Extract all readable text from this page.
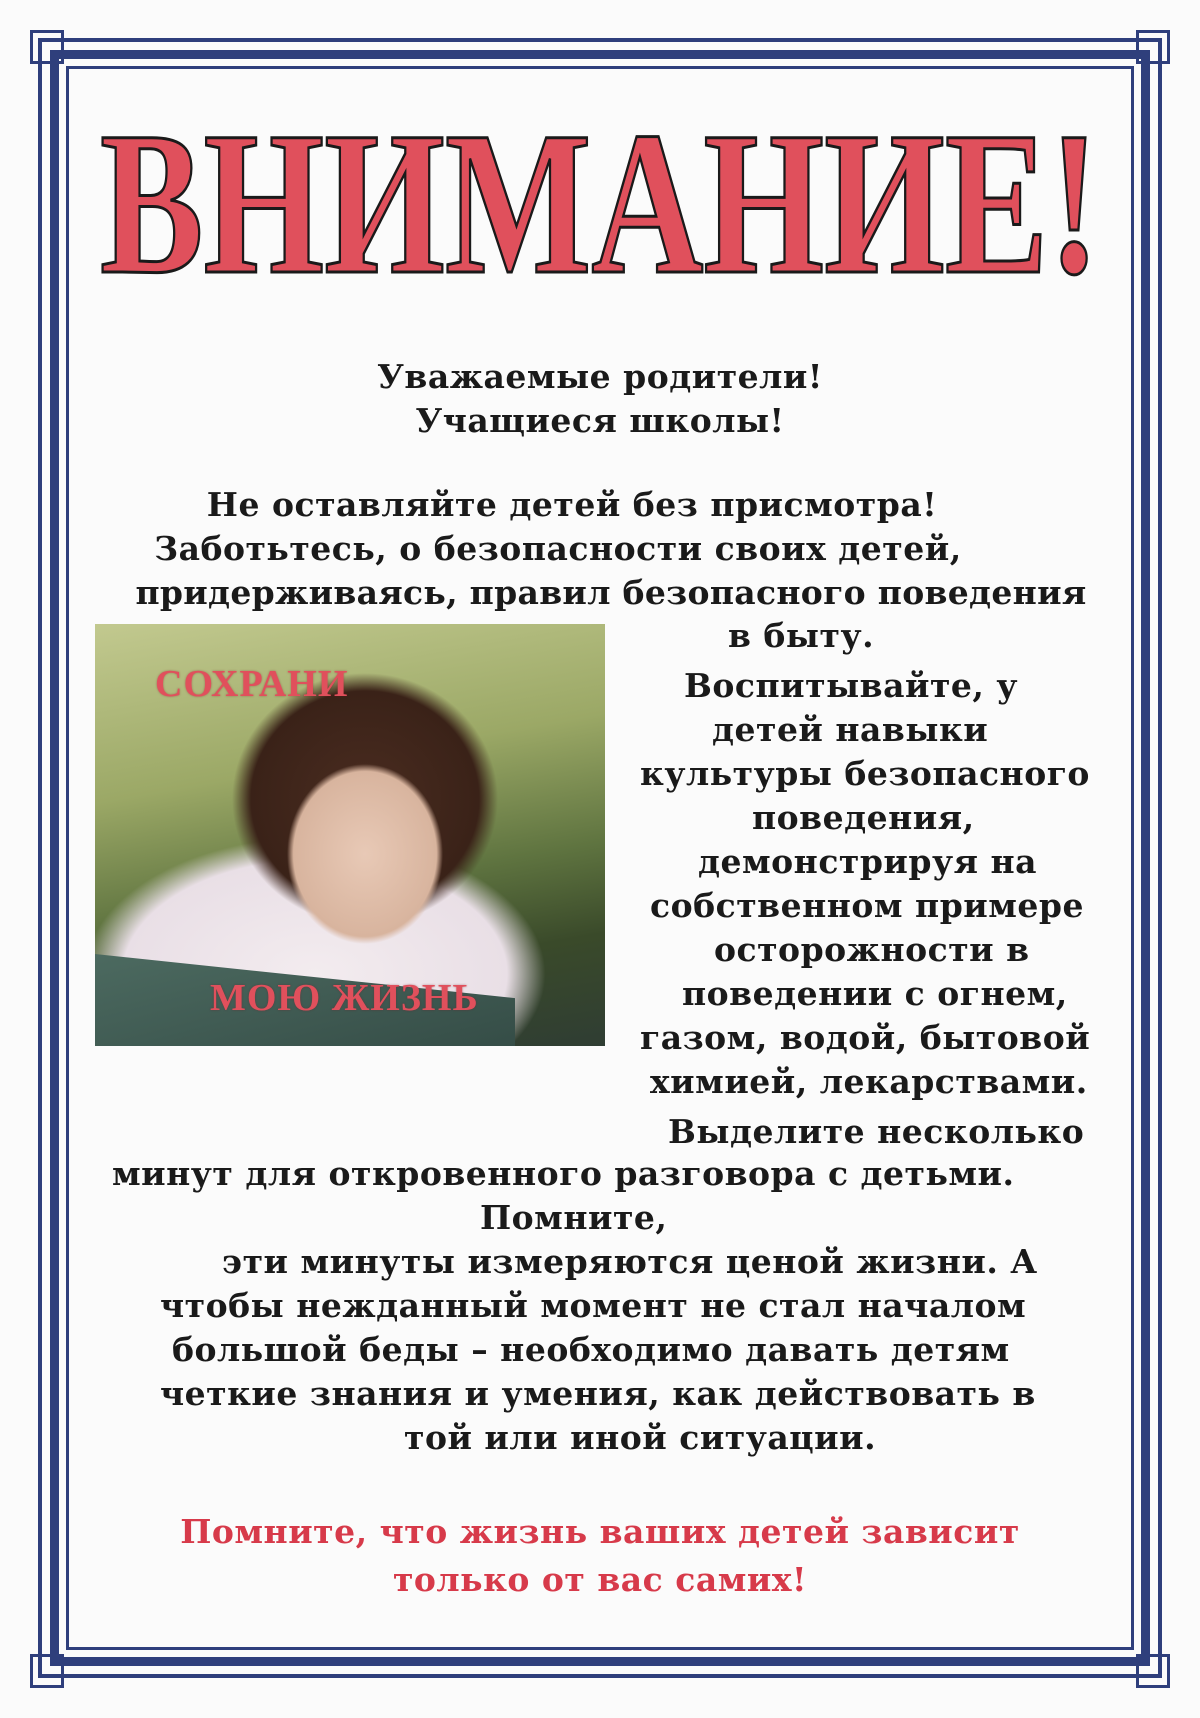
ВНИМАНИЕ!
Уважаемые родители!
Учащиеся школы!
Не оставляйте детей без присмотра!
Заботьтесь, о безопасности своих детей,
придерживаясь, правил безопасного поведения
в быту.
СОХРАНИ
МОЮ ЖИЗНЬ
Воспитывайте, у
детей навыки
культуры безопасного
поведения,
демонстрируя на
собственном примере
осторожности в
поведении с огнем,
газом, водой, бытовой
химией, лекарствами.
Выделите несколько
минут для откровенного разговора с детьми.
Помните,
эти минуты измеряются ценой жизни. А
чтобы нежданный момент не стал началом
большой беды – необходимо давать детям
четкие знания и умения, как действовать в
той или иной ситуации.
Помните, что жизнь ваших детей зависит
только от вас самих!
